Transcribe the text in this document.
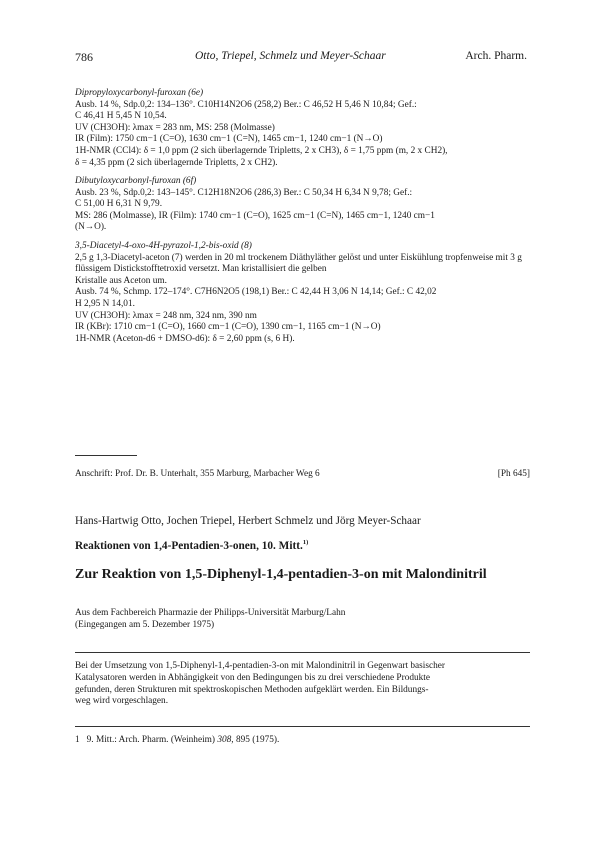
786	Otto, Triepel, Schmelz und Meyer-Schaar	Arch. Pharm.

Dipropyloxycarbonyl-furoxan (6e)

Ausb. 14 %, Sdp.0,2: 134–136°. C10H14N2O6 (258,2) Ber.: C 46,52 H 5,46 N 10,84; Gef.:

C 46,41 H 5,45 N 10,54.

UV (CH3OH): λmax = 283 nm, MS: 258 (Molmasse)

IR (Film): 1750 cm−1 (C=O), 1630 cm−1 (C=N), 1465 cm−1, 1240 cm−1 (N→O)

1H-NMR (CCl4): δ = 1,0 ppm (2 sich überlagernde Tripletts, 2 x CH3), δ = 1,75 ppm (m, 2 x CH2),

δ = 4,35 ppm (2 sich überlagernde Tripletts, 2 x CH2).

Dibutyloxycarbonyl-furoxan (6f)

Ausb. 23 %, Sdp.0,2: 143–145°. C12H18N2O6 (286,3) Ber.: C 50,34 H 6,34 N 9,78; Gef.:

C 51,00 H 6,31 N 9,79.

MS: 286 (Molmasse), IR (Film): 1740 cm−1 (C=O), 1625 cm−1 (C=N), 1465 cm−1, 1240 cm−1

(N→O).

3,5-Diacetyl-4-oxo-4H-pyrazol-1,2-bis-oxid (8)

2,5 g 1,3-Diacetyl-aceton (7) werden in 20 ml trockenem Diäthyläther gelöst und unter Eiskühlung tropfenweise mit 3 g flüssigem Distickstofftetroxid versetzt. Man kristallisiert die gelben

Kristalle aus Aceton um.

Ausb. 74 %, Schmp. 172–174°. C7H6N2O5 (198,1) Ber.: C 42,44 H 3,06 N 14,14; Gef.: C 42,02

H 2,95 N 14,01.

UV (CH3OH): λmax = 248 nm, 324 nm, 390 nm

IR (KBr): 1710 cm−1 (C=O), 1660 cm−1 (C=O), 1390 cm−1, 1165 cm−1 (N→O)

1H-NMR (Aceton-d6 + DMSO-d6): δ = 2,60 ppm (s, 6 H).

Anschrift: Prof. Dr. B. Unterhalt, 355 Marburg, Marbacher Weg 6	[Ph 645]
Hans-Hartwig Otto, Jochen Triepel, Herbert Schmelz und Jörg Meyer-Schaar
Reaktionen von 1,4-Pentadien-3-onen, 10. Mitt.$^{1)}$
Zur Reaktion von 1,5-Diphenyl-1,4-pentadien-3-on mit Malondinitril

Aus dem Fachbereich Pharmazie der Philipps-Universität Marburg/Lahn

(Eingegangen am 5. Dezember 1975)

Bei der Umsetzung von 1,5-Diphenyl-1,4-pentadien-3-on mit Malondinitril in Gegenwart basischer

Katalysatoren werden in Abhängigkeit von den Bedingungen bis zu drei verschiedene Produkte

gefunden, deren Strukturen mit spektroskopischen Methoden aufgeklärt werden. Ein Bildungs-

weg wird vorgeschlagen.

1 9. Mitt.: Arch. Pharm. (Weinheim) 308, 895 (1975).
